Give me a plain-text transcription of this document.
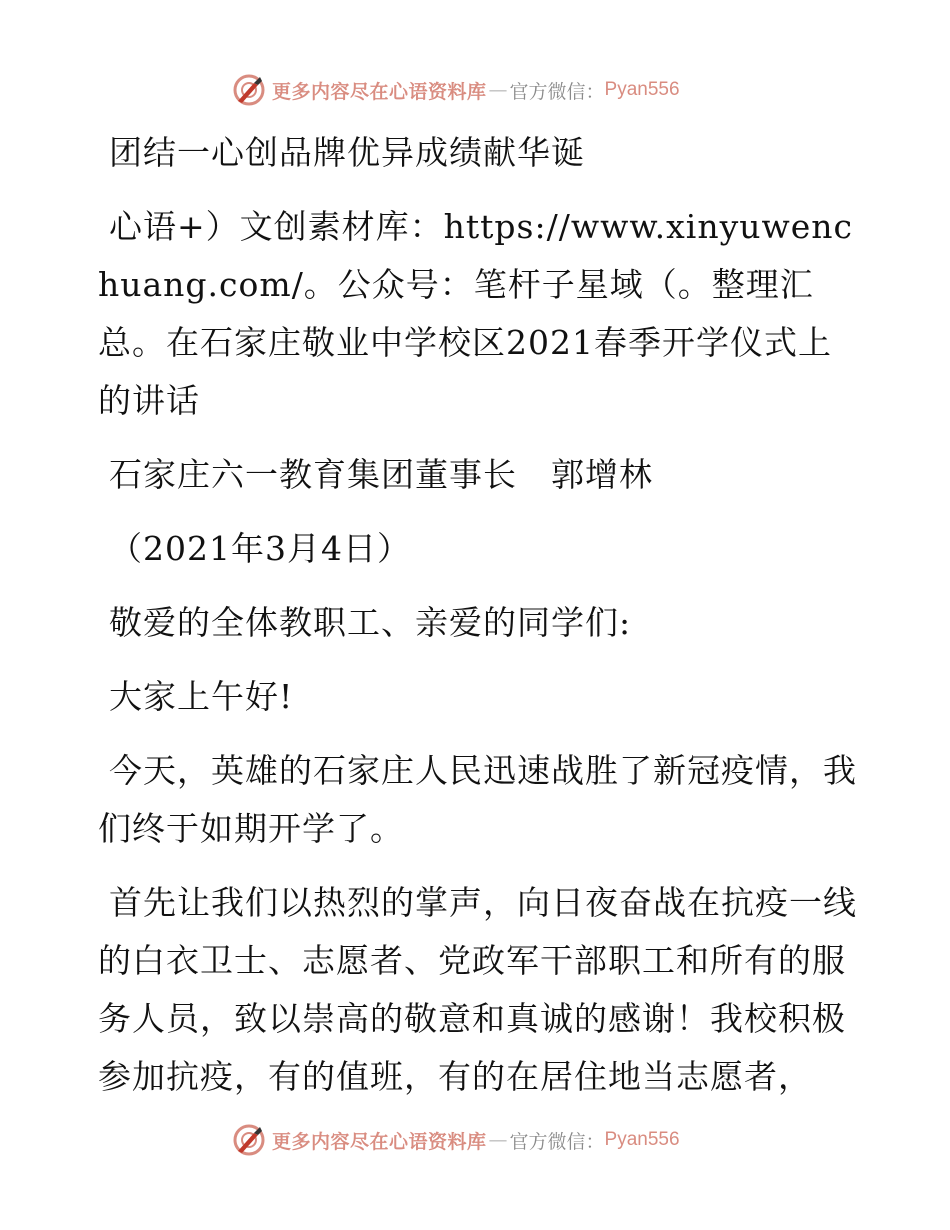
更多内容尽在心语资料库 — 官方微信： Pyan556

团结一心创品牌优异成绩献华诞

心语+）文创素材库：https://www.xinyuwenchuang.com/。公众号：笔杆子星域（。整理汇总。在石家庄敬业中学校区2021春季开学仪式上的讲话

石家庄六一教育集团董事长　郭增林

（2021年3月4日）

敬爱的全体教职工、亲爱的同学们:

大家上午好!

今天，英雄的石家庄人民迅速战胜了新冠疫情，我们终于如期开学了。

首先让我们以热烈的掌声，向日夜奋战在抗疫一线的白衣卫士、志愿者、党政军干部职工和所有的服务人员，致以崇高的敬意和真诚的感谢！我校积极参加抗疫，有的值班，有的在居住地当志愿者，

更多内容尽在心语资料库 — 官方微信： Pyan556
